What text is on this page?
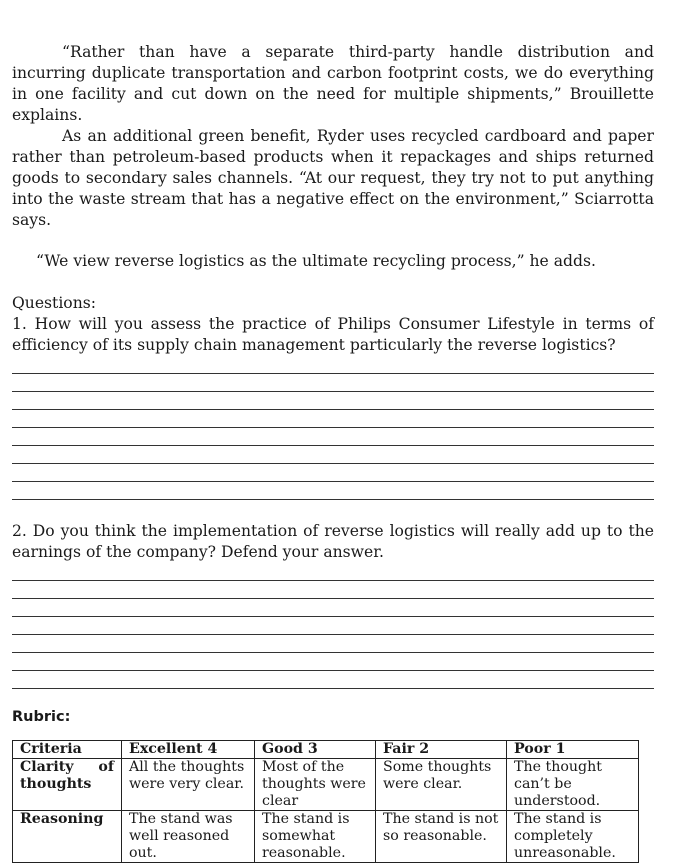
“Rather than have a separate third-party handle distribution and incurring duplicate transportation and carbon footprint costs, we do everything in one facility and cut down on the need for multiple shipments,” Brouillette explains.

As an additional green benefit, Ryder uses recycled cardboard and paper rather than petroleum-based products when it repackages and ships returned goods to secondary sales channels. “At our request, they try not to put anything into the waste stream that has a negative effect on the environment,” Sciarrotta says.

“We view reverse logistics as the ultimate recycling process,” he adds.

Questions:

1. How will you assess the practice of Philips Consumer Lifestyle in terms of efficiency of its supply chain management particularly the reverse logistics?

2. Do you think the implementation of reverse logistics will really add up to the earnings of the company? Defend your answer.

Rubric:
Criteria	Excellent 4	Good 3	Fair 2	Poor 1
Clarity of thoughts	All the thoughts were very clear.	Most of the thoughts were clear	Some thoughts were clear.	The thought can’t be understood.
Reasoning	The stand was well reasoned out.	The stand is somewhat reasonable.	The stand is not so reasonable.	The stand is completely unreasonable.
